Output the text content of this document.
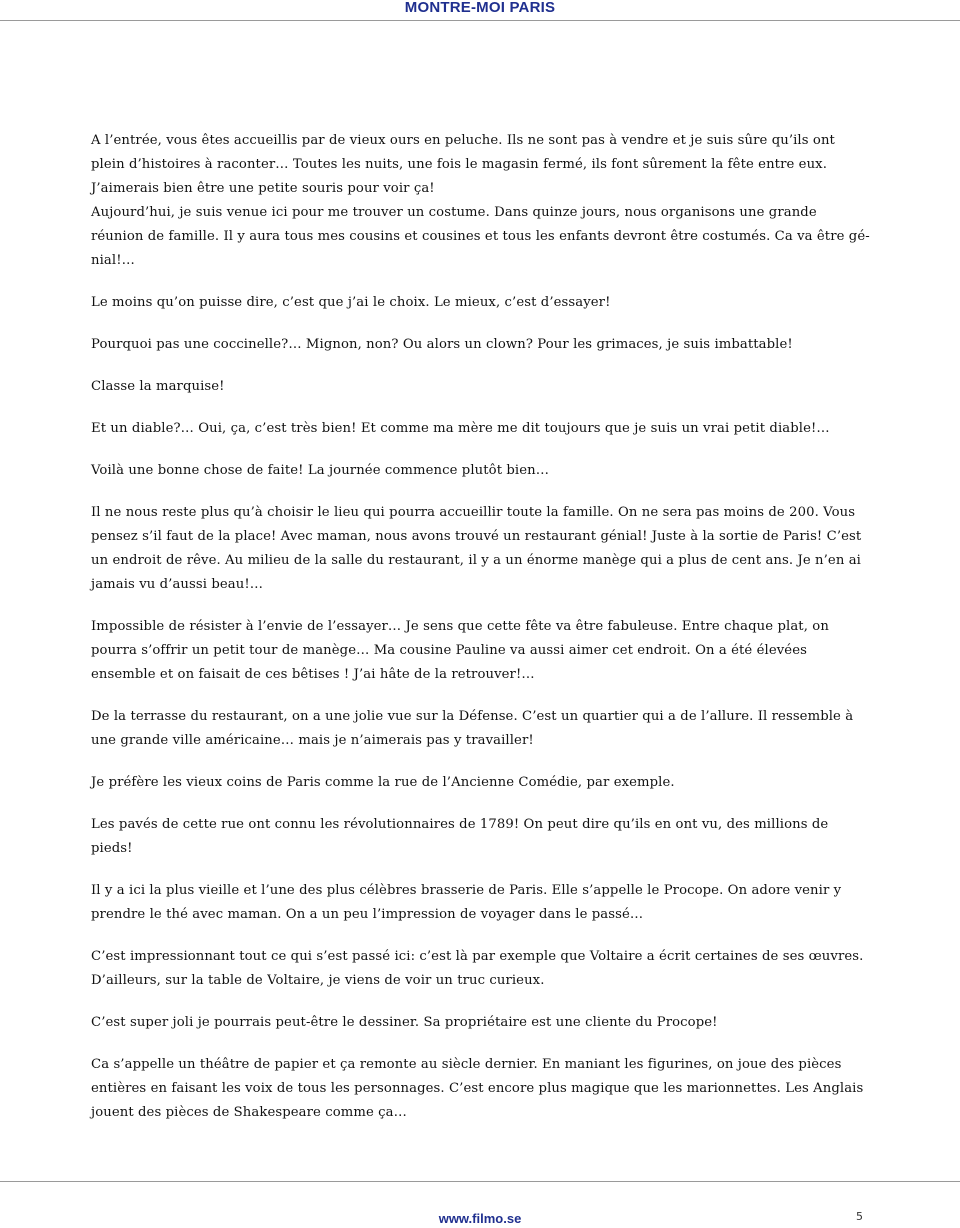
MONTRE-MOI PARIS

A l’entrée, vous êtes accueillis par de vieux ours en peluche. Ils ne sont pas à vendre et je suis sûre qu’ils ont plein d’histoires à raconter… Toutes les nuits, une fois le magasin fermé, ils font sûrement la fête entre eux. J’aimerais bien être une petite souris pour voir ça!

Aujourd’hui, je suis venue ici pour me trouver un costume. Dans quinze jours, nous organisons une grande réunion de famille. Il y aura tous mes cousins et cousines et tous les enfants devront être costumés. Ca va être gé-nial!…

Le moins qu’on puisse dire, c’est que j’ai le choix. Le mieux, c’est d’essayer!

Pourquoi pas une coccinelle?… Mignon, non? Ou alors un clown? Pour les grimaces, je suis imbattable!

Classe la marquise!

Et un diable?… Oui, ça, c’est très bien! Et comme ma mère me dit toujours que je suis un vrai petit diable!…

Voilà une bonne chose de faite! La journée commence plutôt bien…

Il ne nous reste plus qu’à choisir le lieu qui pourra accueillir toute la famille. On ne sera pas moins de 200. Vous pensez s’il faut de la place! Avec maman, nous avons trouvé un restaurant génial! Juste à la sortie de Paris! C’est un endroit de rêve. Au milieu de la salle du restaurant, il y a un énorme manège qui a plus de cent ans. Je n’en ai jamais vu d’aussi beau!…

Impossible de résister à l’envie de l’essayer… Je sens que cette fête va être fabuleuse. Entre chaque plat, on pourra s’offrir un petit tour de manège… Ma cousine Pauline va aussi aimer cet endroit. On a été élevées ensemble et on faisait de ces bêtises ! J’ai hâte de la retrouver!…

De la terrasse du restaurant, on a une jolie vue sur la Défense. C’est un quartier qui a de l’allure. Il ressemble à une grande ville américaine… mais je n’aimerais pas y travailler!

Je préfère les vieux coins de Paris comme la rue de l’Ancienne Comédie, par exemple.

Les pavés de cette rue ont connu les révolutionnaires de 1789! On peut dire qu’ils en ont vu, des millions de pieds!

Il y a ici la plus vieille et l’une des plus célèbres brasserie de Paris. Elle s’appelle le Procope. On adore venir y prendre le thé avec maman. On a un peu l’impression de voyager dans le passé…

C’est impressionnant tout ce qui s’est passé ici: c’est là par exemple que Voltaire a écrit certaines de ses œuvres. D’ailleurs, sur la table de Voltaire, je viens de voir un truc curieux.

C’est super joli je pourrais peut-être le dessiner. Sa propriétaire est une cliente du Procope!

Ca s’appelle un théâtre de papier et ça remonte au siècle dernier. En maniant les figurines, on joue des pièces entières en faisant les voix de tous les personnages. C’est encore plus magique que les marionnettes. Les Anglais jouent des pièces de Shakespeare comme ça…

www.filmo.se	5
